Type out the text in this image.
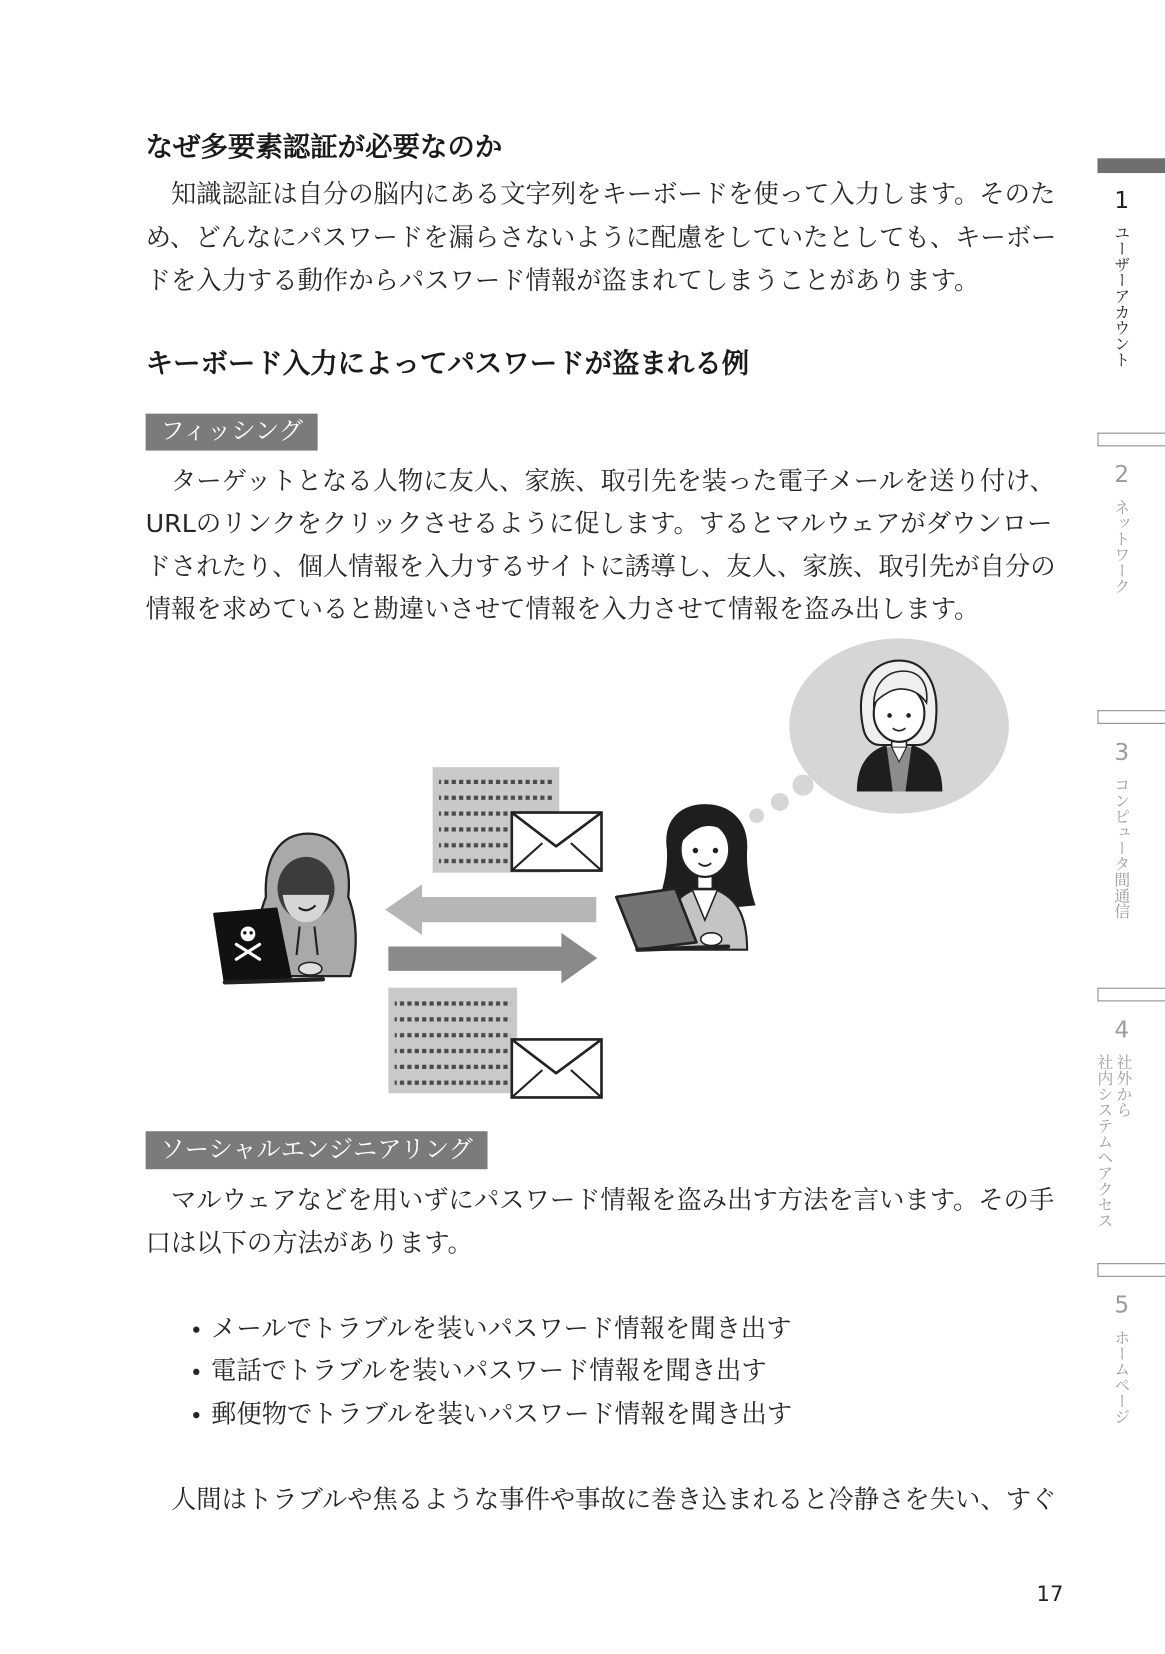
なぜ多要素認証が必要なのか
知識認証は自分の脳内にある文字列をキーボードを使って入力します。そのた
め、どんなにパスワードを漏らさないように配慮をしていたとしても、キーボー
ドを入力する動作からパスワード情報が盗まれてしまうことがあります。
キーボード入力によってパスワードが盗まれる例
フィッシング
ターゲットとなる人物に友人、家族、取引先を装った電子メールを送り付け、
URLのリンクをクリックさせるように促します。するとマルウェアがダウンロー
ドされたり、個人情報を入力するサイトに誘導し、友人、家族、取引先が自分の
情報を求めていると勘違いさせて情報を入力させて情報を盗み出します。
ソーシャルエンジニアリング
マルウェアなどを用いずにパスワード情報を盗み出す方法を言います。その手
口は以下の方法があります。
メールでトラブルを装いパスワード情報を聞き出す
電話でトラブルを装いパスワード情報を聞き出す
郵便物でトラブルを装いパスワード情報を聞き出す
人間はトラブルや焦るような事件や事故に巻き込まれると冷静さを失い、すぐ
17
1
ユーザーアカウント
2
ネットワーク
3
コンピュータ間通信
4
社外から
社内システムへアクセス
5
ホームページ
